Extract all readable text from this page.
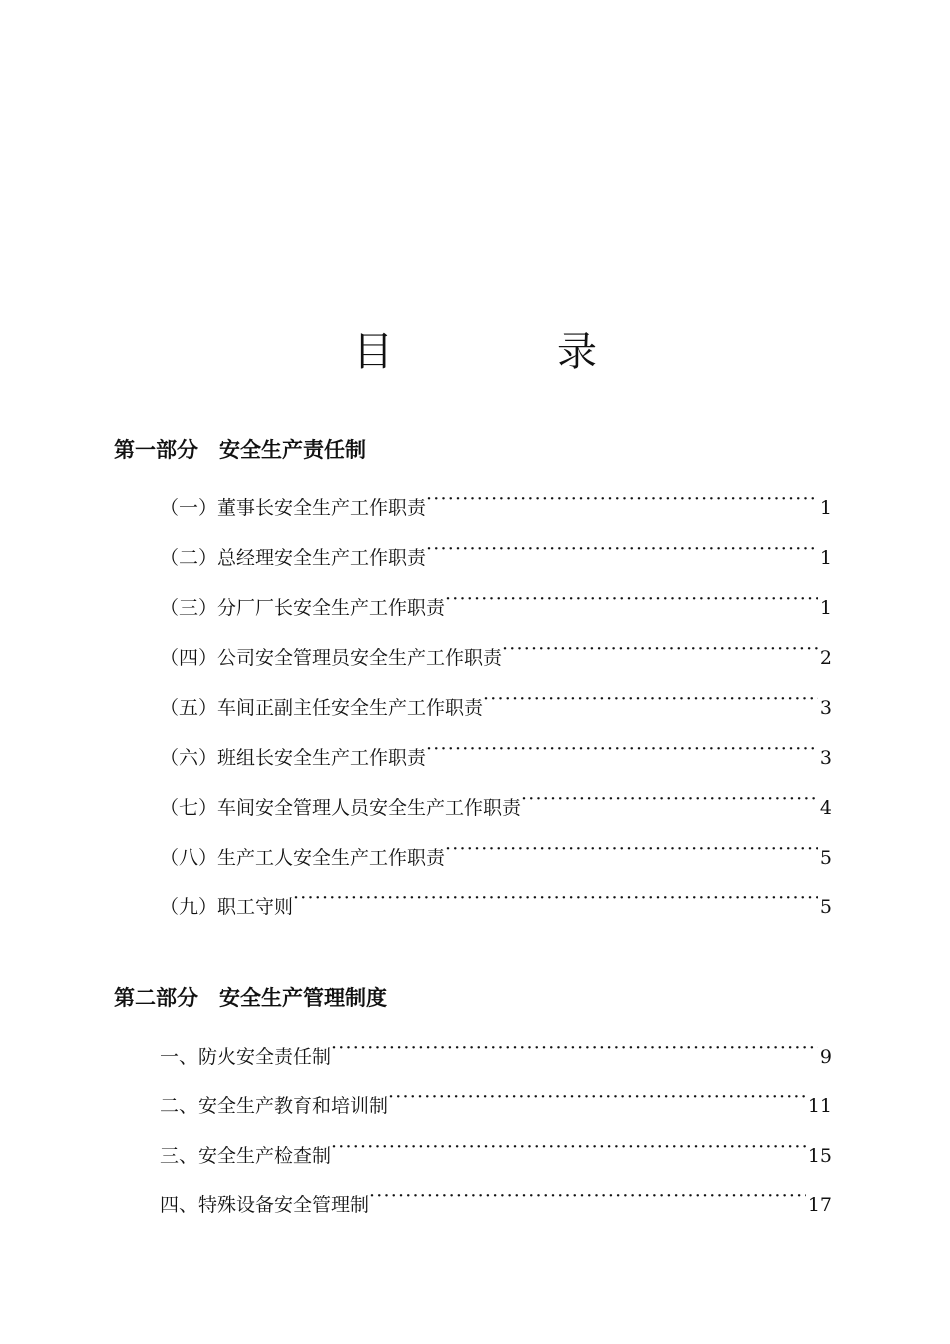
目　录
第一部分　安全生产责任制
（一）董事长安全生产工作职责 ·····	1
（二）总经理安全生产工作职责 ·····	1
（三）分厂厂长安全生产工作职责 ·····	1
（四）公司安全管理员安全生产工作职责 ·····	2
（五）车间正副主任安全生产工作职责 ·····	3
（六）班组长安全生产工作职责 ·····	3
（七）车间安全管理人员安全生产工作职责 ·····	4
（八）生产工人安全生产工作职责 ·····	5
（九）职工守则 ·····	5
第二部分　安全生产管理制度
一、防火安全责任制 ·····	9
二、安全生产教育和培训制 ·····	11
三、安全生产检查制 ·····	15
四、特殊设备安全管理制 ·····	17
